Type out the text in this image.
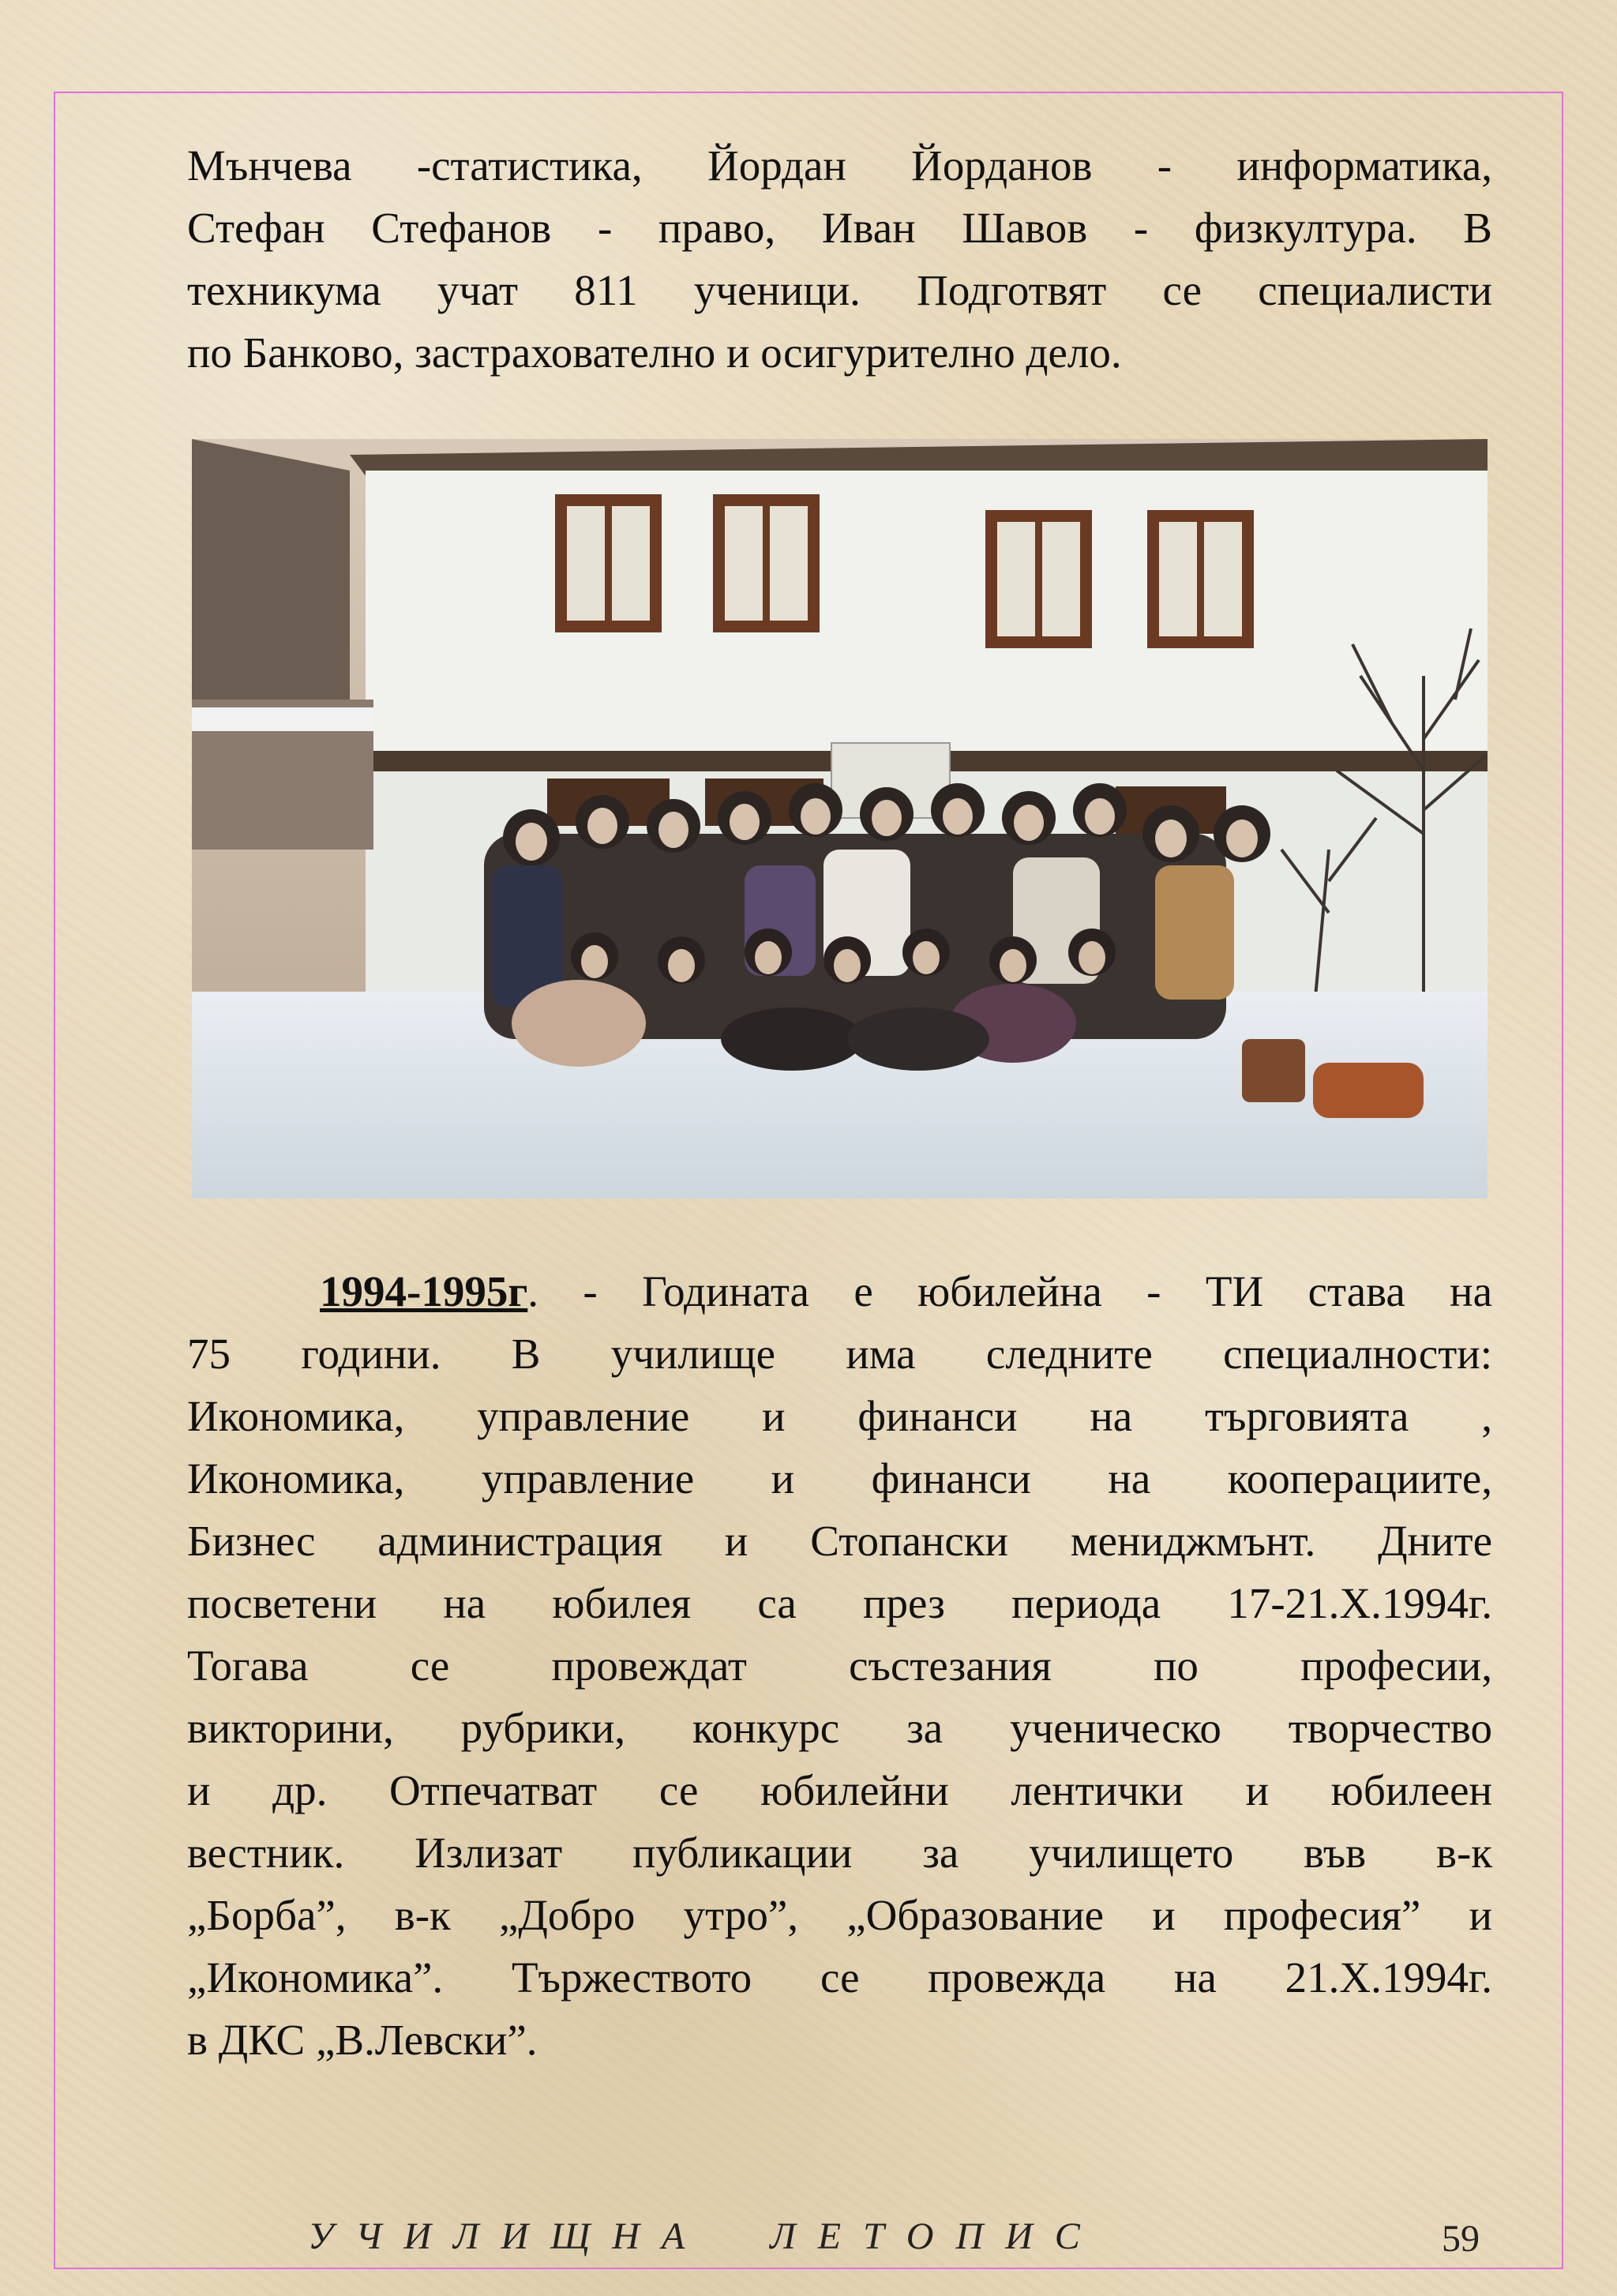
Мънчева -статистика, Йордан Йорданов - информатика,
Стефан Стефанов - право, Иван Шавов - физкултура. В
техникума учат 811 ученици. Подготвят се специалисти
по Банково, застрахователно и осигурително дело.
1994-1995г. - Годината е юбилейна - ТИ става на
75 години. В училище има следните специалности:
Икономика, управление и финанси на търговията ,
Икономика, управление и финанси на кооперациите,
Бизнес администрация и Стопански мениджмънт. Дните
посветени на юбилея са през периода 17-21.Х.1994г.
Тогава се провеждат състезания по професии,
викторини, рубрики, конкурс за ученическо творчество
и др. Отпечатват се юбилейни лентички и юбилеен
вестник. Излизат публикации за училището във в-к
„Борба”, в-к „Добро утро”, „Образование и професия” и
„Икономика”. Тържеството се провежда на 21.Х.1994г.
в ДКС „В.Левски”.
УЧИЛИЩНА  ЛЕТОПИС	59
